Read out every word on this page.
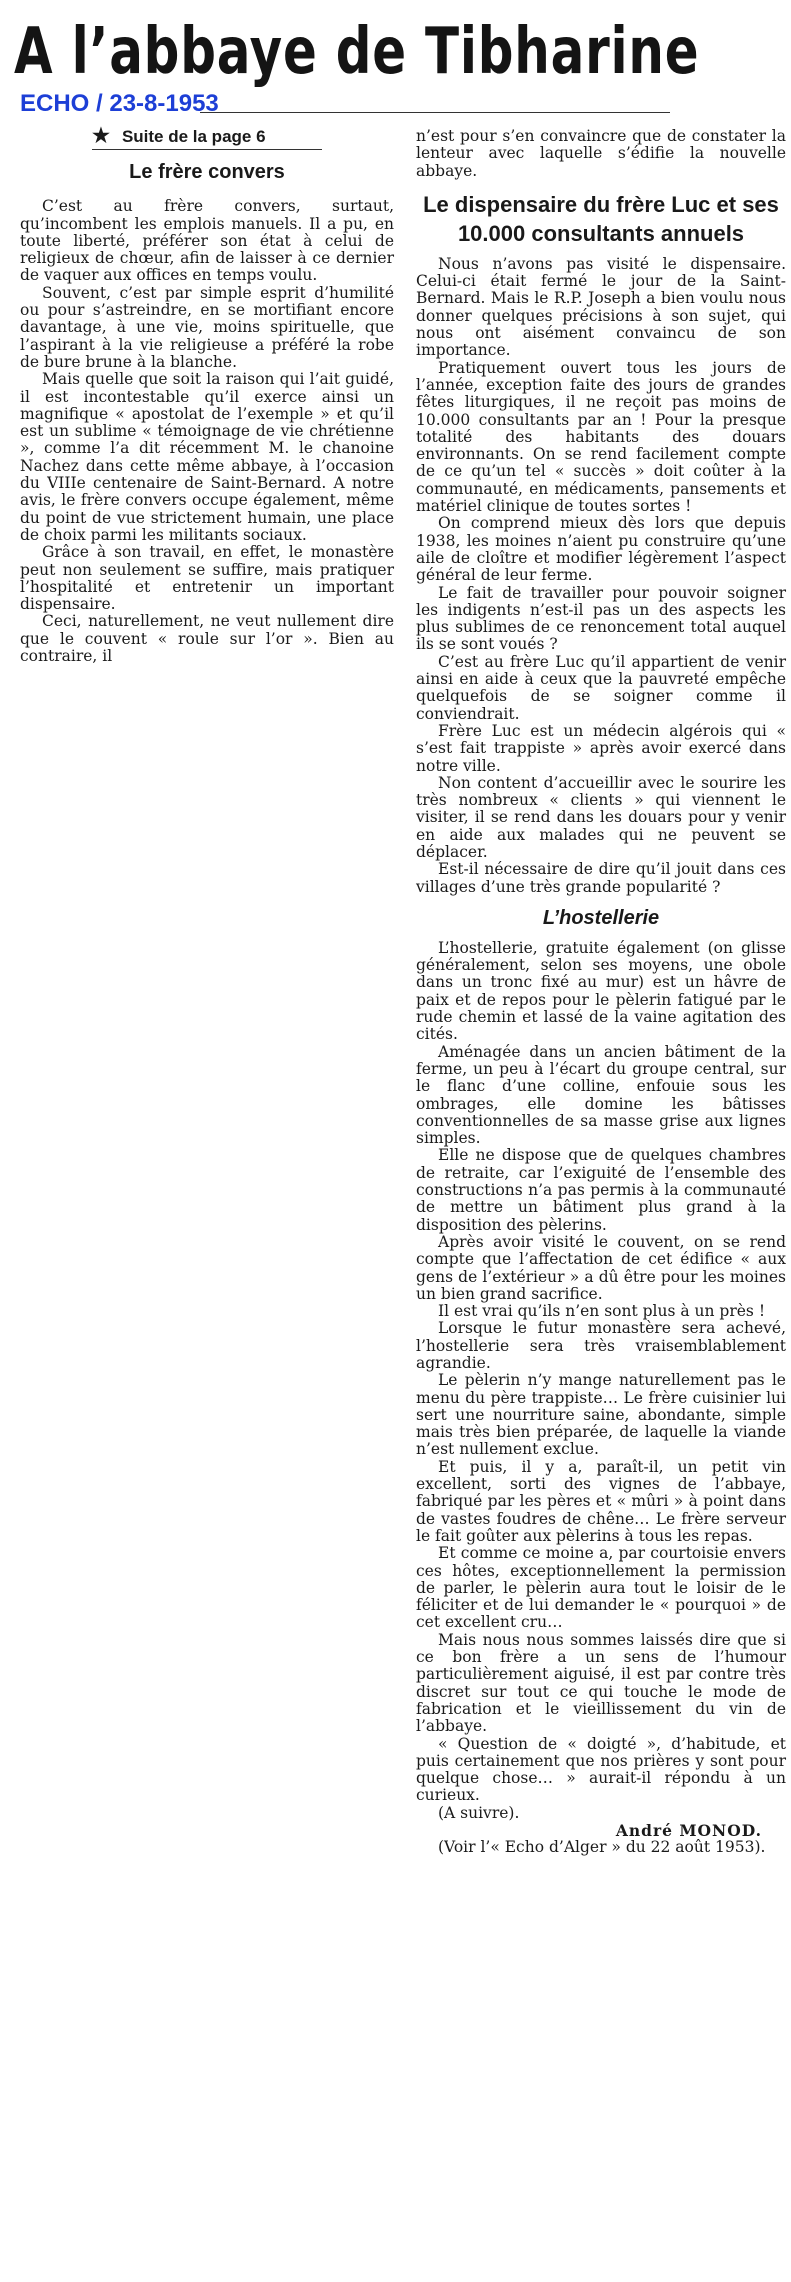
A l’abbaye de Tibharine
ECHO / 23-8-1953
★ Suite de la page 6
Le frère convers

C’est au frère convers, surtaut, qu’incombent les emplois manuels. Il a pu, en toute liberté, préférer son état à celui de religieux de chœur, afin de laisser à ce dernier de vaquer aux offices en temps voulu.

Souvent, c’est par simple esprit d’humilité ou pour s’astreindre, en se mortifiant encore davantage, à une vie, moins spirituelle, que l’aspirant à la vie religieuse a préféré la robe de bure brune à la blanche.

Mais quelle que soit la raison qui l’ait guidé, il est incontestable qu’il exerce ainsi un magnifique « apostolat de l’exemple » et qu’il est un sublime « témoignage de vie chrétienne », comme l’a dit récemment M. le chanoine Nachez dans cette même abbaye, à l’occasion du VIIIe centenaire de Saint-Bernard. A notre avis, le frère convers occupe également, même du point de vue strictement humain, une place de choix parmi les militants sociaux.

Grâce à son travail, en effet, le monastère peut non seulement se suffire, mais pratiquer l’hospitalité et entretenir un important dispensaire.

Ceci, naturellement, ne veut nullement dire que le couvent « roule sur l’or ». Bien au contraire, il

n’est pour s’en convaincre que de constater la lenteur avec laquelle s’édifie la nouvelle abbaye.

Le dispensaire du frère Luc et ses 10.000 consultants annuels

Nous n’avons pas visité le dispensaire. Celui-ci était fermé le jour de la Saint-Bernard. Mais le R.P. Joseph a bien voulu nous donner quelques précisions à son sujet, qui nous ont aisément convaincu de son importance.

Pratiquement ouvert tous les jours de l’année, exception faite des jours de grandes fêtes liturgiques, il ne reçoit pas moins de 10.000 consultants par an ! Pour la presque totalité des habitants des douars environnants. On se rend facilement compte de ce qu’un tel « succès » doit coûter à la communauté, en médicaments, pansements et matériel clinique de toutes sortes !

On comprend mieux dès lors que depuis 1938, les moines n’aient pu construire qu’une aile de cloître et modifier légèrement l’aspect général de leur ferme.

Le fait de travailler pour pouvoir soigner les indigents n’est-il pas un des aspects les plus sublimes de ce renoncement total auquel ils se sont voués ?

C’est au frère Luc qu’il appartient de venir ainsi en aide à ceux que la pauvreté empêche quelquefois de se soigner comme il conviendrait.

Frère Luc est un médecin algérois qui « s’est fait trappiste » après avoir exercé dans notre ville.

Non content d’accueillir avec le sourire les très nombreux « clients » qui viennent le visiter, il se rend dans les douars pour y venir en aide aux malades qui ne peuvent se déplacer.

Est-il nécessaire de dire qu’il jouit dans ces villages d’une très grande popularité ?

L’hostellerie

L’hostellerie, gratuite également (on glisse généralement, selon ses moyens, une obole dans un tronc fixé au mur) est un hâvre de paix et de repos pour le pèlerin fatigué par le rude chemin et lassé de la vaine agitation des cités.

Aménagée dans un ancien bâtiment de la ferme, un peu à l’écart du groupe central, sur le flanc d’une colline, enfouie sous les ombrages, elle domine les bâtisses conventionnelles de sa masse grise aux lignes simples.

Elle ne dispose que de quelques chambres de retraite, car l’exiguité de l’ensemble des constructions n’a pas permis à la communauté de mettre un bâtiment plus grand à la disposition des pèlerins.

Après avoir visité le couvent, on se rend compte que l’affectation de cet édifice « aux gens de l’extérieur » a dû être pour les moines un bien grand sacrifice.

Il est vrai qu’ils n’en sont plus à un près !

Lorsque le futur monastère sera achevé, l’hostellerie sera très vraisemblablement agrandie.

Le pèlerin n’y mange naturellement pas le menu du père trappiste… Le frère cuisinier lui sert une nourriture saine, abondante, simple mais très bien préparée, de laquelle la viande n’est nullement exclue.

Et puis, il y a, paraît-il, un petit vin excellent, sorti des vignes de l’abbaye, fabriqué par les pères et « mûri » à point dans de vastes foudres de chêne… Le frère serveur le fait goûter aux pèlerins à tous les repas.

Et comme ce moine a, par courtoisie envers ces hôtes, exceptionnellement la permission de parler, le pèlerin aura tout le loisir de le féliciter et de lui demander le « pourquoi » de cet excellent cru…

Mais nous nous sommes laissés dire que si ce bon frère a un sens de l’humour particulièrement aiguisé, il est par contre très discret sur tout ce qui touche le mode de fabrication et le vieillissement du vin de l’abbaye.

« Question de « doigté », d’habitude, et puis certainement que nos prières y sont pour quelque chose… » aurait-il répondu à un curieux.

(A suivre).

André MONOD.

(Voir l’« Echo d’Alger » du 22 août 1953).
